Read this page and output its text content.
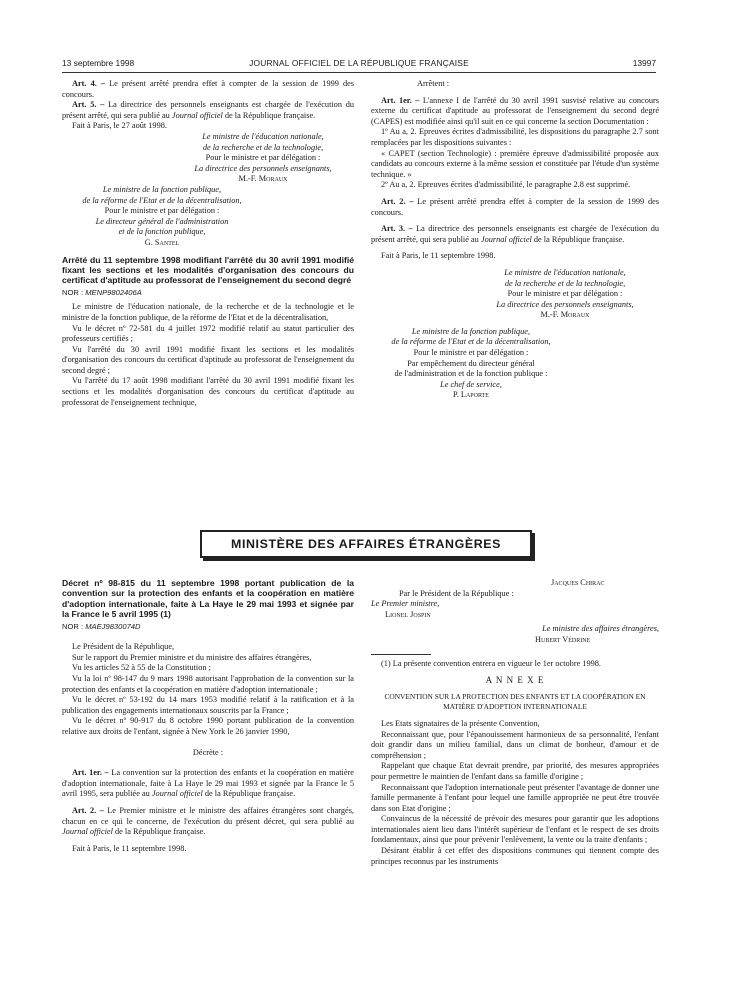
13 septembre 1998	JOURNAL OFFICIEL DE LA RÉPUBLIQUE FRANÇAISE	13997

Art. 4. – Le présent arrêté prendra effet à compter de la session de 1999 des concours.

Art. 5. – La directrice des personnels enseignants est chargée de l'exécution du présent arrêté, qui sera publié au Journal officiel de la République française.

Fait à Paris, le 27 août 1998.

Le ministre de l'éducation nationale,

de la recherche et de la technologie,

Pour le ministre et par délégation :

La directrice des personnels enseignants,

M.-F. Moraux

Le ministre de la fonction publique,

de la réforme de l'Etat et de la décentralisation,

Pour le ministre et par délégation :

Le directeur général de l'administration

et de la fonction publique,

G. Santel

Arrêté du 11 septembre 1998 modifiant l'arrêté du 30 avril 1991 modifié fixant les sections et les modalités d'organisation des concours du certificat d'aptitude au professorat de l'enseignement du second degré

NOR : MENP9802406A

Le ministre de l'éducation nationale, de la recherche et de la technologie et le ministre de la fonction publique, de la réforme de l'Etat et de la décentralisation,

Vu le décret nº 72-581 du 4 juillet 1972 modifié relatif au statut particulier des professeurs certifiés ;

Vu l'arrêté du 30 avril 1991 modifié fixant les sections et les modalités d'organisation des concours du certificat d'aptitude au professorat de l'enseignement du second degré ;

Vu l'arrêté du 17 août 1998 modifiant l'arrêté du 30 avril 1991 modifié fixant les sections et les modalités d'organisation des concours du certificat d'aptitude au professorat de l'enseignement technique,

Arrêtent :

Art. 1er. – L'annexe I de l'arrêté du 30 avril 1991 susvisé relative au concours externe du certificat d'aptitude au professorat de l'enseignement du second degré (CAPES) est modifiée ainsi qu'il suit en ce qui concerne la section Documentation :

1º Au a, 2. Epreuves écrites d'admissibilité, les dispositions du paragraphe 2.7 sont remplacées par les dispositions suivantes :

« CAPET (section Technologie) : première épreuve d'admissibilité proposée aux candidats au concours externe à la même session et constituée par l'étude d'un système technique. »

2º Au a, 2. Epreuves écrites d'admissibilité, le paragraphe 2.8 est supprimé.

Art. 2. – Le présent arrêté prendra effet à compter de la session de 1999 des concours.

Art. 3. – La directrice des personnels enseignants est chargée de l'exécution du présent arrêté, qui sera publié au Journal officiel de la République française.

Fait à Paris, le 11 septembre 1998.

Le ministre de l'éducation nationale,

de la recherche et de la technologie,

Pour le ministre et par délégation :

La directrice des personnels enseignants,

M.-F. Moraux

Le ministre de la fonction publique,

de la réforme de l'Etat et de la décentralisation,

Pour le ministre et par délégation :

Par empêchement du directeur général

de l'administration et de la fonction publique :

Le chef de service,

P. Laporte

MINISTÈRE DES AFFAIRES ÉTRANGÈRES

Décret nº 98-815 du 11 septembre 1998 portant publication de la convention sur la protection des enfants et la coopération en matière d'adoption internationale, faite à La Haye le 29 mai 1993 et signée par la France le 5 avril 1995 (1)

NOR : MAEJ9830074D

Le Président de la République,

Sur le rapport du Premier ministre et du ministre des affaires étrangères,

Vu les articles 52 à 55 de la Constitution ;

Vu la loi nº 98-147 du 9 mars 1998 autorisant l'approbation de la convention sur la protection des enfants et la coopération en matière d'adoption internationale ;

Vu le décret nº 53-192 du 14 mars 1953 modifié relatif à la ratification et à la publication des engagements internationaux souscrits par la France ;

Vu le décret nº 90-917 du 8 octobre 1990 portant publication de la convention relative aux droits de l'enfant, signée à New York le 26 janvier 1990,

Décrète :

Art. 1er. – La convention sur la protection des enfants et la coopération en matière d'adoption internationale, faite à La Haye le 29 mai 1993 et signée par la France le 5 avril 1995, sera publiée au Journal officiel de la République française.

Art. 2. – Le Premier ministre et le ministre des affaires étrangères sont chargés, chacun en ce qui le concerne, de l'exécution du présent décret, qui sera publié au Journal officiel de la République française.

Fait à Paris, le 11 septembre 1998.

Jacques Chirac

Par le Président de la République :

Le Premier ministre,

Lionel Jospin

Le ministre des affaires étrangères,

Hubert Védrine

(1) La présente convention entrera en vigueur le 1er octobre 1998.

A N N E X E

CONVENTION SUR LA PROTECTION DES ENFANTS ET LA COOPÉRATION EN MATIÈRE D'ADOPTION INTERNATIONALE

Les Etats signataires de la présente Convention,

Reconnaissant que, pour l'épanouissement harmonieux de sa personnalité, l'enfant doit grandir dans un milieu familial, dans un climat de bonheur, d'amour et de compréhension ;

Rappelant que chaque Etat devrait prendre, par priorité, des mesures appropriées pour permettre le maintien de l'enfant dans sa famille d'origine ;

Reconnaissant que l'adoption internationale peut présenter l'avantage de donner une famille permanente à l'enfant pour lequel une famille appropriée ne peut être trouvée dans son Etat d'origine ;

Convaincus de la nécessité de prévoir des mesures pour garantir que les adoptions internationales aient lieu dans l'intérêt supérieur de l'enfant et le respect de ses droits fondamentaux, ainsi que pour prévenir l'enlèvement, la vente ou la traite d'enfants ;

Désirant établir à cet effet des dispositions communes qui tiennent compte des principes reconnus par les instruments
